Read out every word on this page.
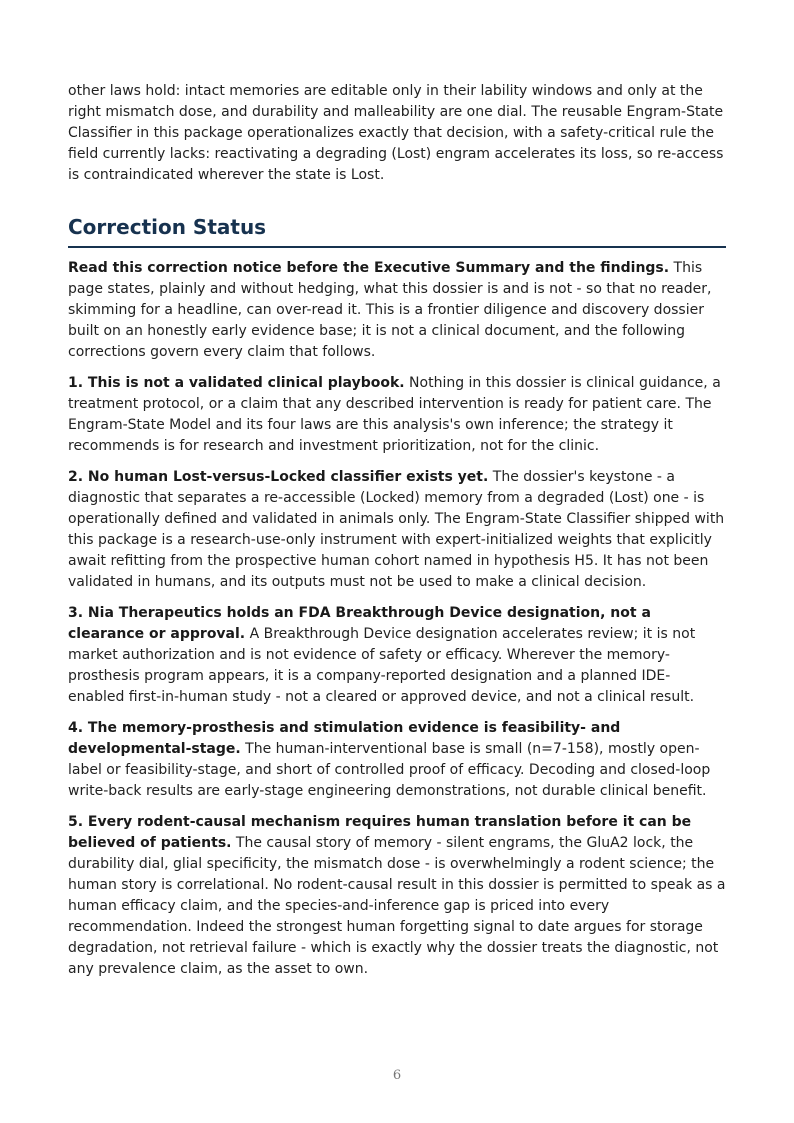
other laws hold: intact memories are editable only in their lability windows and only at the right mismatch dose, and durability and malleability are one dial. The reusable Engram-State Classifier in this package operationalizes exactly that decision, with a safety-critical rule the field currently lacks: reactivating a degrading (Lost) engram accelerates its loss, so re-access is contraindicated wherever the state is Lost.

Correction Status

Read this correction notice before the Executive Summary and the findings. This page states, plainly and without hedging, what this dossier is and is not - so that no reader, skimming for a headline, can over-read it. This is a frontier diligence and discovery dossier built on an honestly early evidence base; it is not a clinical document, and the following corrections govern every claim that follows.

1. This is not a validated clinical playbook. Nothing in this dossier is clinical guidance, a treatment protocol, or a claim that any described intervention is ready for patient care. The Engram-State Model and its four laws are this analysis's own inference; the strategy it recommends is for research and investment prioritization, not for the clinic.

2. No human Lost-versus-Locked classifier exists yet. The dossier's keystone - a diagnostic that separates a re-accessible (Locked) memory from a degraded (Lost) one - is operationally defined and validated in animals only. The Engram-State Classifier shipped with this package is a research-use-only instrument with expert-initialized weights that explicitly await refitting from the prospective human cohort named in hypothesis H5. It has not been validated in humans, and its outputs must not be used to make a clinical decision.

3. Nia Therapeutics holds an FDA Breakthrough Device designation, not a clearance or approval. A Breakthrough Device designation accelerates review; it is not market authorization and is not evidence of safety or efficacy. Wherever the memory-prosthesis program appears, it is a company-reported designation and a planned IDE-enabled first-in-human study - not a cleared or approved device, and not a clinical result.

4. The memory-prosthesis and stimulation evidence is feasibility- and developmental-stage. The human-interventional base is small (n=7-158), mostly open-label or feasibility-stage, and short of controlled proof of efficacy. Decoding and closed-loop write-back results are early-stage engineering demonstrations, not durable clinical benefit.

5. Every rodent-causal mechanism requires human translation before it can be believed of patients. The causal story of memory - silent engrams, the GluA2 lock, the durability dial, glial specificity, the mismatch dose - is overwhelmingly a rodent science; the human story is correlational. No rodent-causal result in this dossier is permitted to speak as a human efficacy claim, and the species-and-inference gap is priced into every recommendation. Indeed the strongest human forgetting signal to date argues for storage degradation, not retrieval failure - which is exactly why the dossier treats the diagnostic, not any prevalence claim, as the asset to own.

6
